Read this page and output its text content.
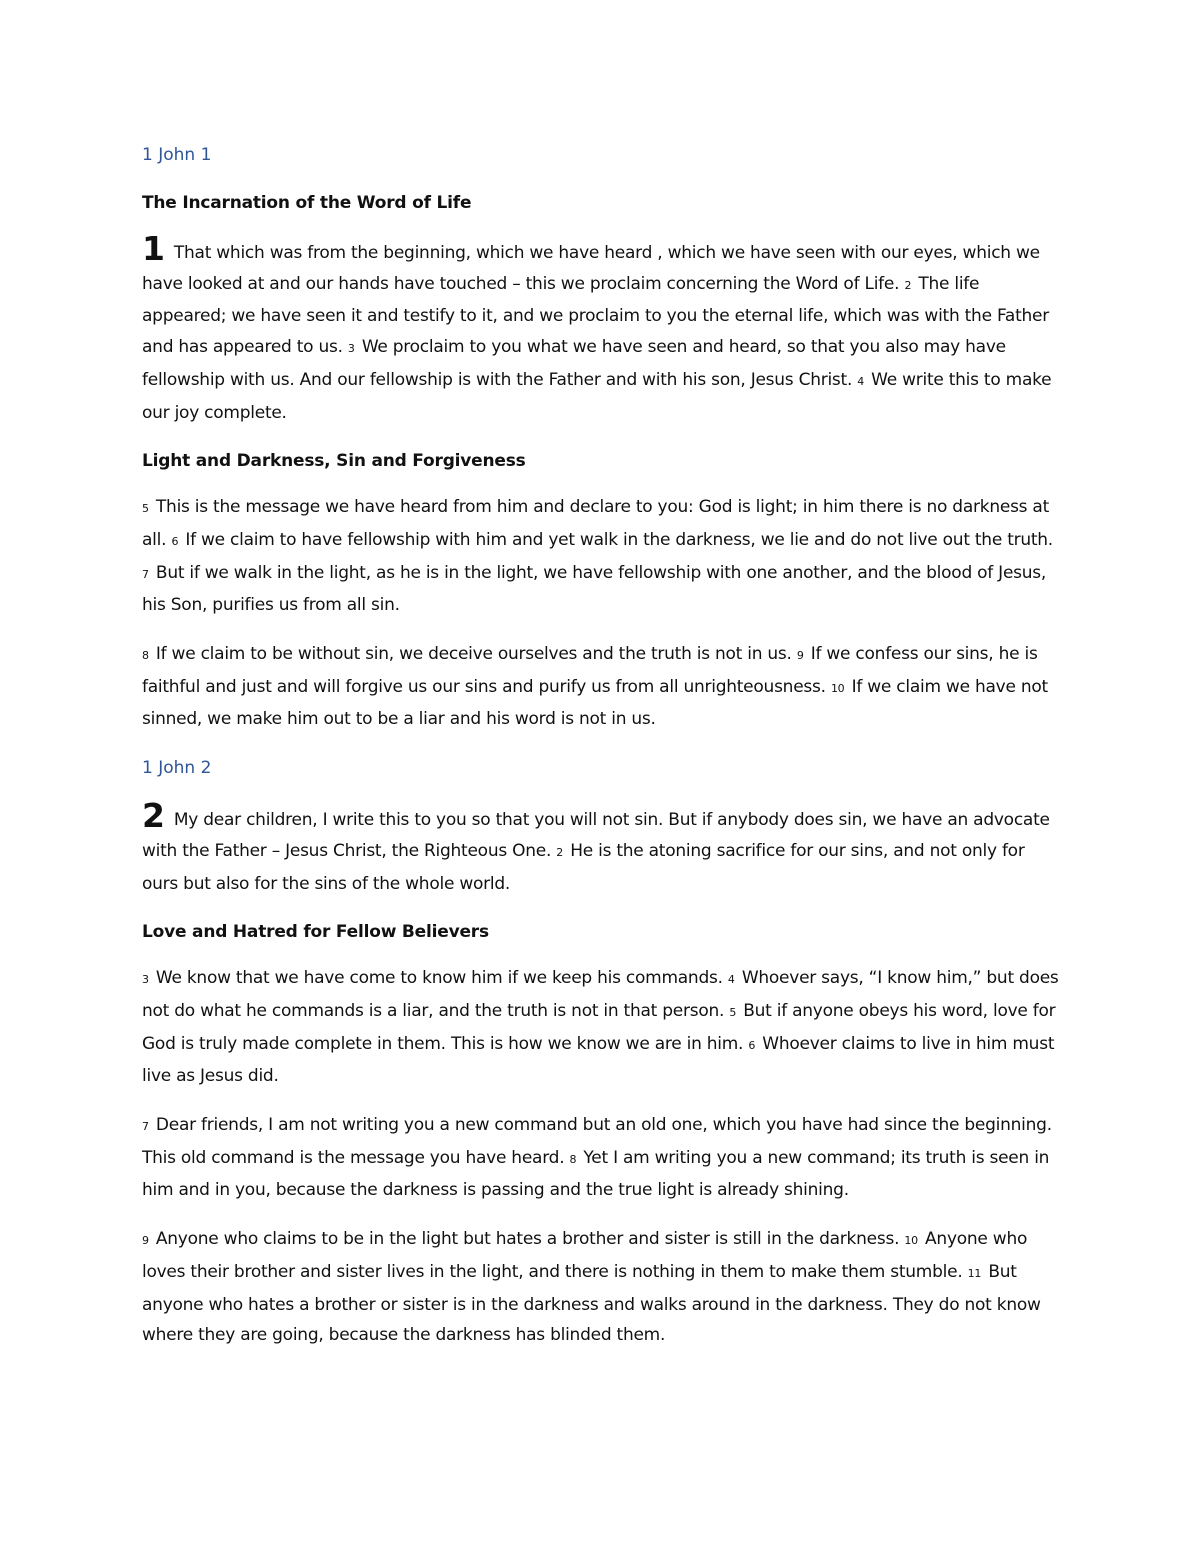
1 John 1
The Incarnation of the Word of Life

1 That which was from the beginning, which we have heard , which we have seen with our eyes, which we have looked at and our hands have touched – this we proclaim concerning the Word of Life. 2 The life appeared; we have seen it and testify to it, and we proclaim to you the eternal life, which was with the Father and has appeared to us. 3 We proclaim to you what we have seen and heard, so that you also may have fellowship with us. And our fellowship is with the Father and with his son, Jesus Christ. 4 We write this to make our joy complete.

Light and Darkness, Sin and Forgiveness

5 This is the message we have heard from him and declare to you: God is light; in him there is no darkness at all. 6 If we claim to have fellowship with him and yet walk in the darkness, we lie and do not live out the truth. 7 But if we walk in the light, as he is in the light, we have fellowship with one another, and the blood of Jesus, his Son, purifies us from all sin.

8 If we claim to be without sin, we deceive ourselves and the truth is not in us. 9 If we confess our sins, he is faithful and just and will forgive us our sins and purify us from all unrighteousness. 10 If we claim we have not sinned, we make him out to be a liar and his word is not in us.

1 John 2

2 My dear children, I write this to you so that you will not sin. But if anybody does sin, we have an advocate with the Father – Jesus Christ, the Righteous One. 2 He is the atoning sacrifice for our sins, and not only for ours but also for the sins of the whole world.

Love and Hatred for Fellow Believers

3 We know that we have come to know him if we keep his commands. 4 Whoever says, “I know him,” but does not do what he commands is a liar, and the truth is not in that person. 5 But if anyone obeys his word, love for God is truly made complete in them. This is how we know we are in him. 6 Whoever claims to live in him must live as Jesus did.

7 Dear friends, I am not writing you a new command but an old one, which you have had since the beginning. This old command is the message you have heard. 8 Yet I am writing you a new command; its truth is seen in him and in you, because the darkness is passing and the true light is already shining.

9 Anyone who claims to be in the light but hates a brother and sister is still in the darkness. 10 Anyone who loves their brother and sister lives in the light, and there is nothing in them to make them stumble. 11 But anyone who hates a brother or sister is in the darkness and walks around in the darkness. They do not know where they are going, because the darkness has blinded them.
